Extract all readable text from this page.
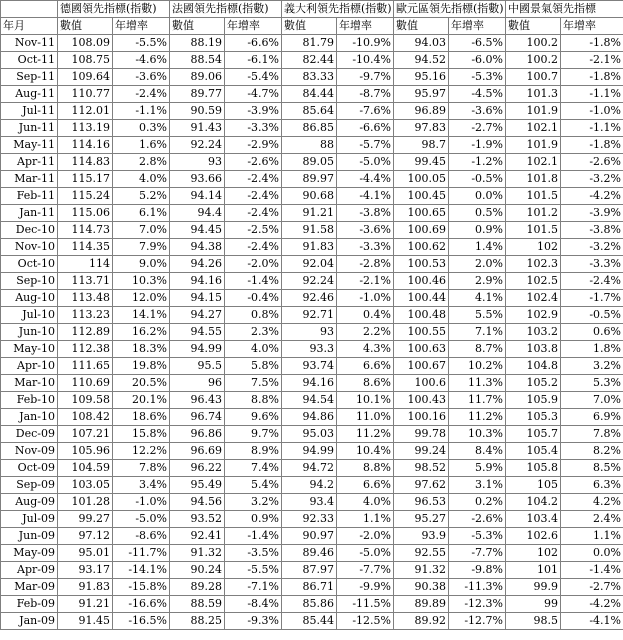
	德國領先指標(指數)		法國領先指標(指數)		義大利領先指標(指數)		歐元區領先指標(指數)		中國景氣領先指標	
年月	數值	年增率	數值	年增率	數值	年增率	數值	年增率	數值	年增率
Nov-11	108.09	-5.5%	88.19	-6.6%	81.79	-10.9%	94.03	-6.5%	100.2	-1.8%
Oct-11	108.75	-4.6%	88.54	-6.1%	82.44	-10.4%	94.52	-6.0%	100.2	-2.1%
Sep-11	109.64	-3.6%	89.06	-5.4%	83.33	-9.7%	95.16	-5.3%	100.7	-1.8%
Aug-11	110.77	-2.4%	89.77	-4.7%	84.44	-8.7%	95.97	-4.5%	101.3	-1.1%
Jul-11	112.01	-1.1%	90.59	-3.9%	85.64	-7.6%	96.89	-3.6%	101.9	-1.0%
Jun-11	113.19	0.3%	91.43	-3.3%	86.85	-6.6%	97.83	-2.7%	102.1	-1.1%
May-11	114.16	1.6%	92.24	-2.9%	88	-5.7%	98.7	-1.9%	101.9	-1.8%
Apr-11	114.83	2.8%	93	-2.6%	89.05	-5.0%	99.45	-1.2%	102.1	-2.6%
Mar-11	115.17	4.0%	93.66	-2.4%	89.97	-4.4%	100.05	-0.5%	101.8	-3.2%
Feb-11	115.24	5.2%	94.14	-2.4%	90.68	-4.1%	100.45	0.0%	101.5	-4.2%
Jan-11	115.06	6.1%	94.4	-2.4%	91.21	-3.8%	100.65	0.5%	101.2	-3.9%
Dec-10	114.73	7.0%	94.45	-2.5%	91.58	-3.6%	100.69	0.9%	101.5	-3.8%
Nov-10	114.35	7.9%	94.38	-2.4%	91.83	-3.3%	100.62	1.4%	102	-3.2%
Oct-10	114	9.0%	94.26	-2.0%	92.04	-2.8%	100.53	2.0%	102.3	-3.3%
Sep-10	113.71	10.3%	94.16	-1.4%	92.24	-2.1%	100.46	2.9%	102.5	-2.4%
Aug-10	113.48	12.0%	94.15	-0.4%	92.46	-1.0%	100.44	4.1%	102.4	-1.7%
Jul-10	113.23	14.1%	94.27	0.8%	92.71	0.4%	100.48	5.5%	102.9	-0.5%
Jun-10	112.89	16.2%	94.55	2.3%	93	2.2%	100.55	7.1%	103.2	0.6%
May-10	112.38	18.3%	94.99	4.0%	93.3	4.3%	100.63	8.7%	103.8	1.8%
Apr-10	111.65	19.8%	95.5	5.8%	93.74	6.6%	100.67	10.2%	104.8	3.2%
Mar-10	110.69	20.5%	96	7.5%	94.16	8.6%	100.6	11.3%	105.2	5.3%
Feb-10	109.58	20.1%	96.43	8.8%	94.54	10.1%	100.43	11.7%	105.9	7.0%
Jan-10	108.42	18.6%	96.74	9.6%	94.86	11.0%	100.16	11.2%	105.3	6.9%
Dec-09	107.21	15.8%	96.86	9.7%	95.03	11.2%	99.78	10.3%	105.7	7.8%
Nov-09	105.96	12.2%	96.69	8.9%	94.99	10.4%	99.24	8.4%	105.4	8.2%
Oct-09	104.59	7.8%	96.22	7.4%	94.72	8.8%	98.52	5.9%	105.8	8.5%
Sep-09	103.05	3.4%	95.49	5.4%	94.2	6.6%	97.62	3.1%	105	6.3%
Aug-09	101.28	-1.0%	94.56	3.2%	93.4	4.0%	96.53	0.2%	104.2	4.2%
Jul-09	99.27	-5.0%	93.52	0.9%	92.33	1.1%	95.27	-2.6%	103.4	2.4%
Jun-09	97.12	-8.6%	92.41	-1.4%	90.97	-2.0%	93.9	-5.3%	102.6	1.1%
May-09	95.01	-11.7%	91.32	-3.5%	89.46	-5.0%	92.55	-7.7%	102	0.0%
Apr-09	93.17	-14.1%	90.24	-5.5%	87.97	-7.7%	91.32	-9.8%	101	-1.4%
Mar-09	91.83	-15.8%	89.28	-7.1%	86.71	-9.9%	90.38	-11.3%	99.9	-2.7%
Feb-09	91.21	-16.6%	88.59	-8.4%	85.86	-11.5%	89.89	-12.3%	99	-4.2%
Jan-09	91.45	-16.5%	88.25	-9.3%	85.44	-12.5%	89.92	-12.7%	98.5	-4.1%
